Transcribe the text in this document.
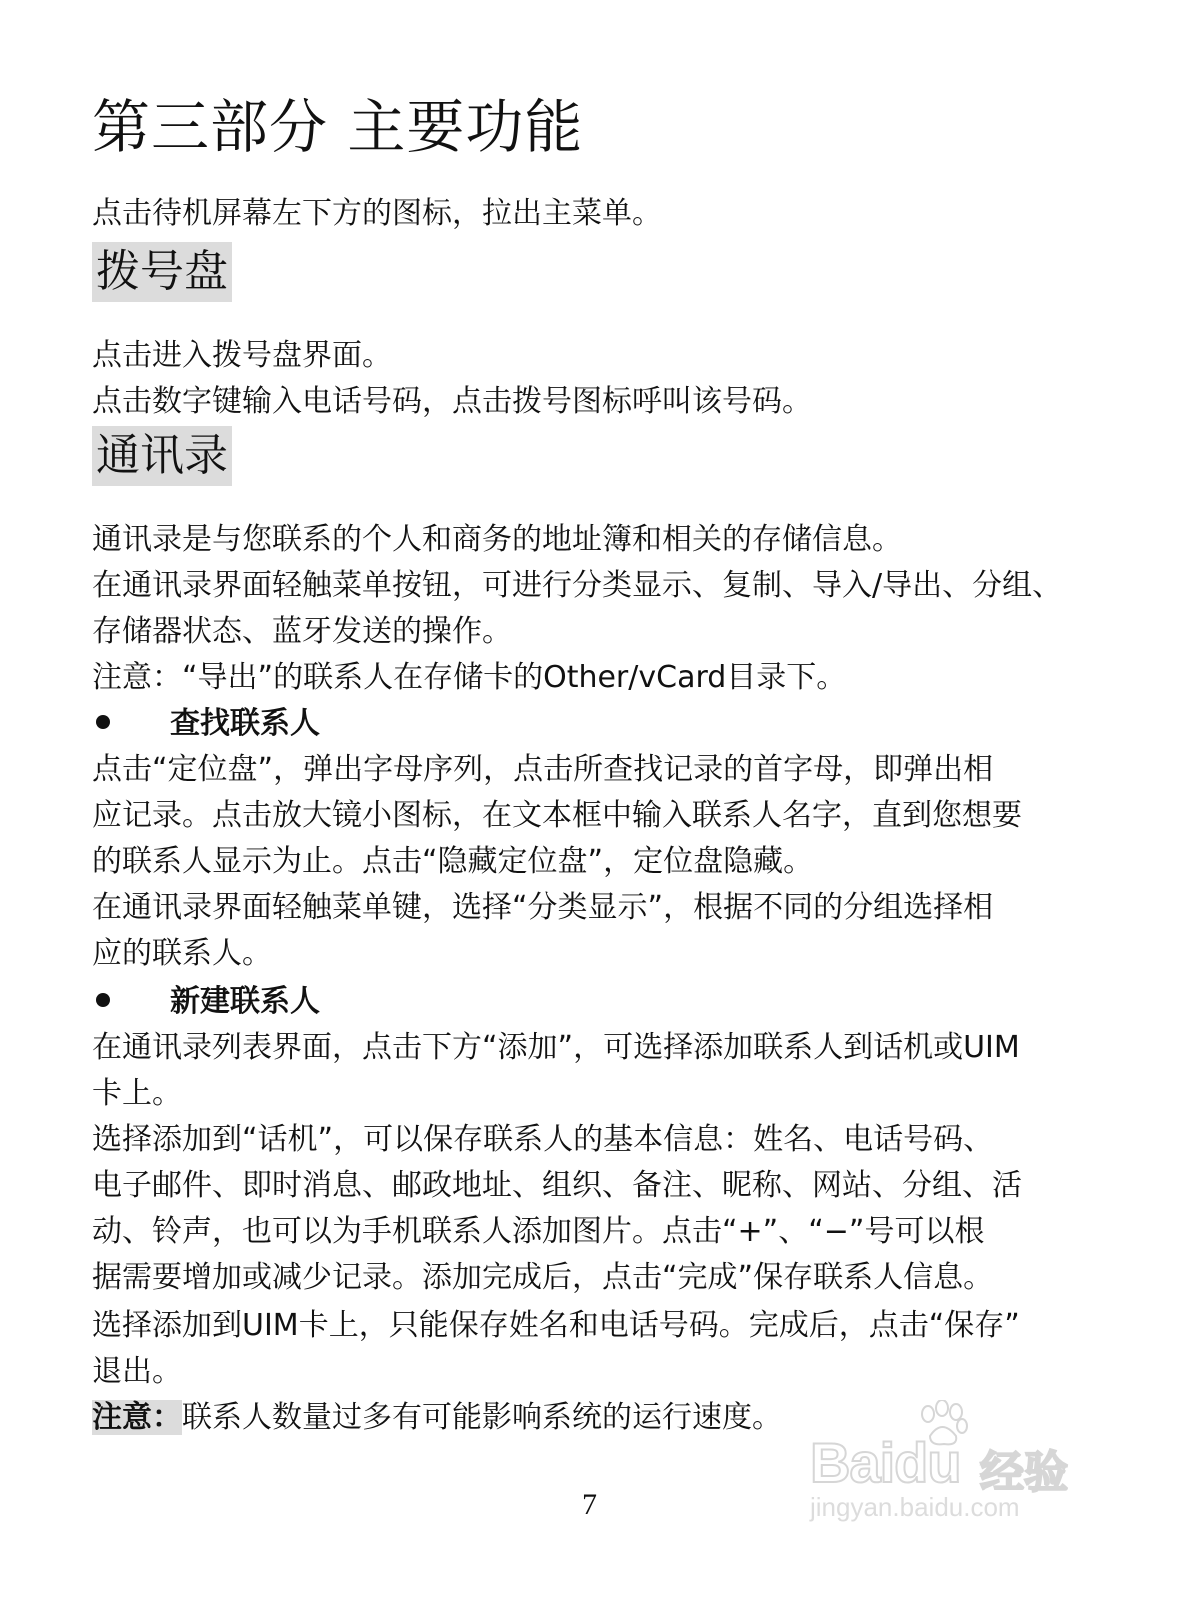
第三部分 主要功能

点击待机屏幕左下方的图标，拉出主菜单。

拨号盘

点击进入拨号盘界面。

点击数字键输入电话号码，点击拨号图标呼叫该号码。

通讯录

通讯录是与您联系的个人和商务的地址簿和相关的存储信息。

在通讯录界面轻触菜单按钮，可进行分类显示、复制、导入/导出、分组、

存储器状态、蓝牙发送的操作。

注意：“导出”的联系人在存储卡的Other/vCard目录下。

查找联系人

点击“定位盘”，弹出字母序列，点击所查找记录的首字母，即弹出相

应记录。点击放大镜小图标，在文本框中输入联系人名字，直到您想要

的联系人显示为止。点击“隐藏定位盘”，定位盘隐藏。

在通讯录界面轻触菜单键，选择“分类显示”，根据不同的分组选择相

应的联系人。

新建联系人

在通讯录列表界面，点击下方“添加”，可选择添加联系人到话机或UIM

卡上。

选择添加到“话机”，可以保存联系人的基本信息：姓名、电话号码、

电子邮件、即时消息、邮政地址、组织、备注、昵称、网站、分组、活

动、铃声，也可以为手机联系人添加图片。点击“+”、“−”号可以根

据需要增加或减少记录。添加完成后，点击“完成”保存联系人信息。

选择添加到UIM卡上，只能保存姓名和电话号码。完成后，点击“保存”

退出。

注意：联系人数量过多有可能影响系统的运行速度。

7
Baidu 经验
jingyan.baidu.com
